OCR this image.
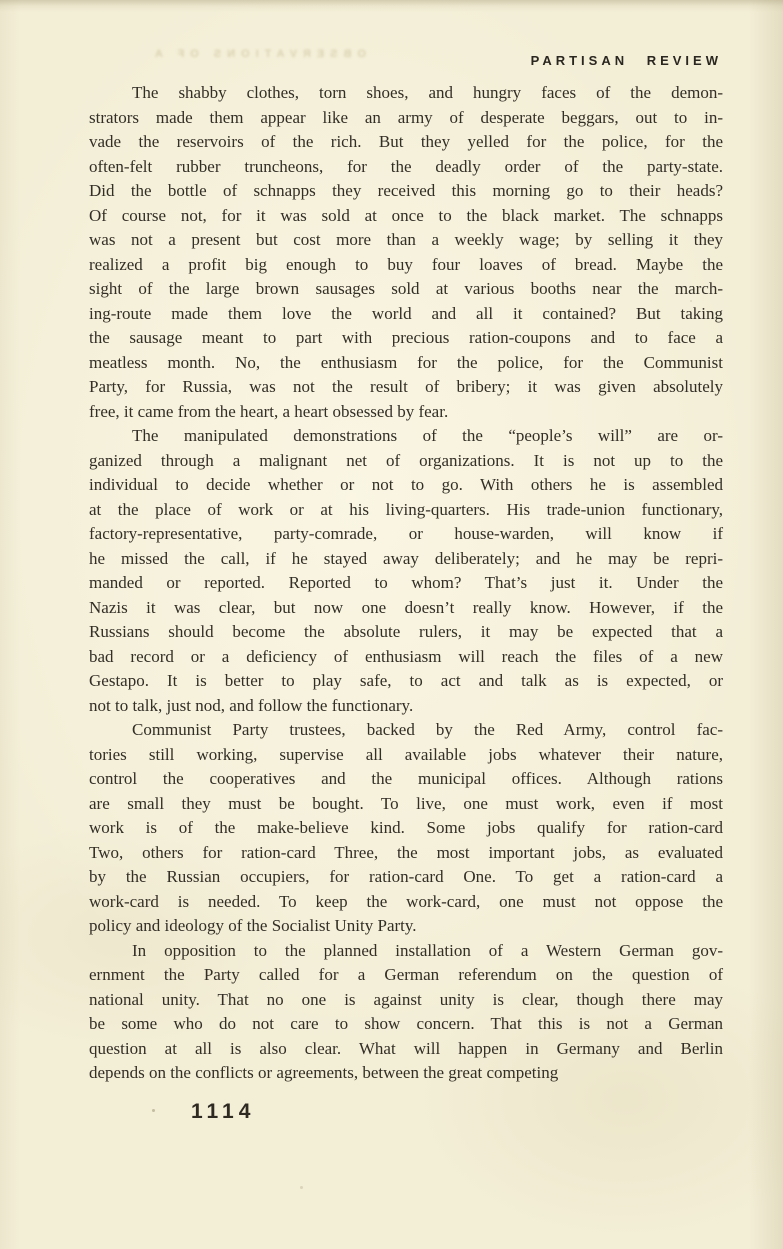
OBSERVATIONS OF A	PARTISAN REVIEW
The shabby clothes, torn shoes, and hungry faces of the demon-
strators made them appear like an army of desperate beggars, out to in-
vade the reservoirs of the rich. But they yelled for the police, for the
often-felt rubber truncheons, for the deadly order of the party-state.
Did the bottle of schnapps they received this morning go to their heads?
Of course not, for it was sold at once to the black market. The schnapps
was not a present but cost more than a weekly wage; by selling it they
realized a profit big enough to buy four loaves of bread. Maybe the
sight of the large brown sausages sold at various booths near the march-
ing-route made them love the world and all it contained? But taking
the sausage meant to part with precious ration-coupons and to face a
meatless month. No, the enthusiasm for the police, for the Communist
Party, for Russia, was not the result of bribery; it was given absolutely
free, it came from the heart, a heart obsessed by fear.
The manipulated demonstrations of the “people’s will” are or-
ganized through a malignant net of organizations. It is not up to the
individual to decide whether or not to go. With others he is assembled
at the place of work or at his living-quarters. His trade-union functionary,
factory-representative, party-comrade, or house-warden, will know if
he missed the call, if he stayed away deliberately; and he may be repri-
manded or reported. Reported to whom? That’s just it. Under the
Nazis it was clear, but now one doesn’t really know. However, if the
Russians should become the absolute rulers, it may be expected that a
bad record or a deficiency of enthusiasm will reach the files of a new
Gestapo. It is better to play safe, to act and talk as is expected, or
not to talk, just nod, and follow the functionary.
Communist Party trustees, backed by the Red Army, control fac-
tories still working, supervise all available jobs whatever their nature,
control the cooperatives and the municipal offices. Although rations
are small they must be bought. To live, one must work, even if most
work is of the make-believe kind. Some jobs qualify for ration-card
Two, others for ration-card Three, the most important jobs, as evaluated
by the Russian occupiers, for ration-card One. To get a ration-card a
work-card is needed. To keep the work-card, one must not oppose the
policy and ideology of the Socialist Unity Party.
In opposition to the planned installation of a Western German gov-
ernment the Party called for a German referendum on the question of
national unity. That no one is against unity is clear, though there may
be some who do not care to show concern. That this is not a German
question at all is also clear. What will happen in Germany and Berlin
depends on the conflicts or agreements, between the great competing
1114
